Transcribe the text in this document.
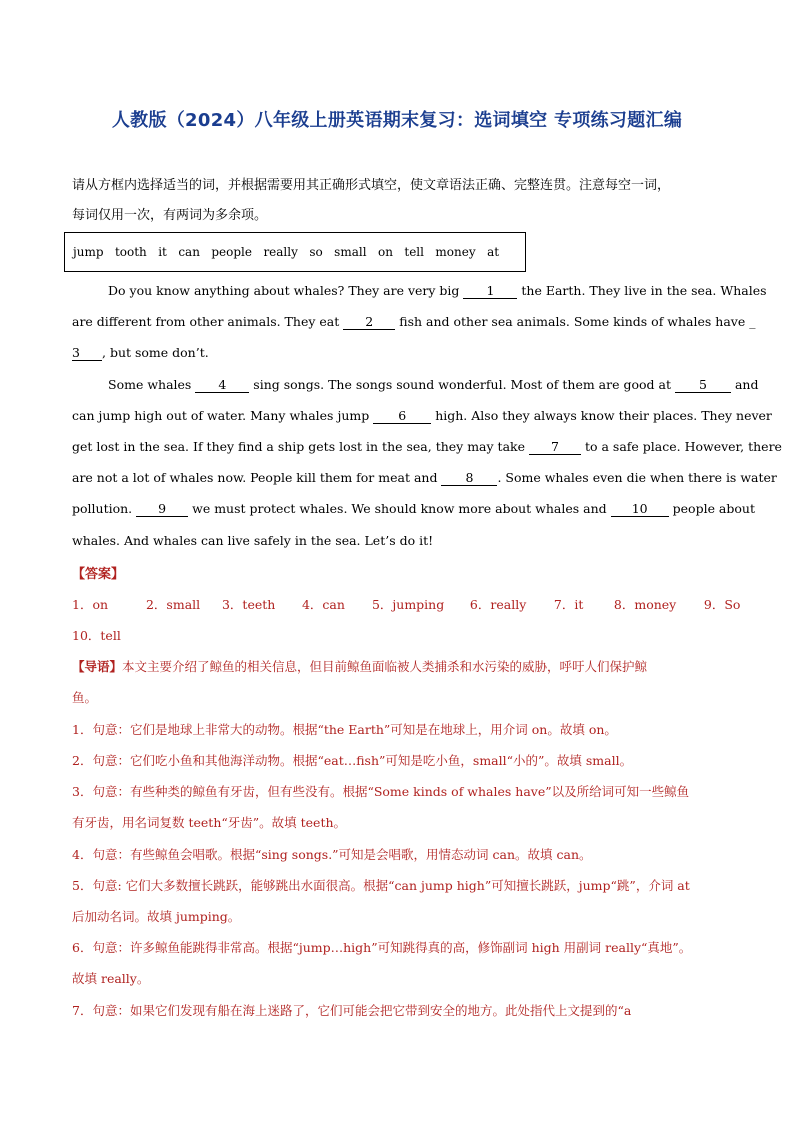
人教版（2024）八年级上册英语期末复习：选词填空 专项练习题汇编
请从方框内选择适当的词，并根据需要用其正确形式填空，使文章语法正确、完整连贯。注意每空一词，
每词仅用一次，有两词为多余项。
jump   tooth   it   can   people   really   so   small   on   tell   money   at
Do you know anything about whales? They are very big 1 the Earth. They live in the sea. Whales
are different from other animals. They eat 2 fish and other sea animals. Some kinds of whales have _
3 , but some don’t.
Some whales 4 sing songs. The songs sound wonderful. Most of them are good at 5 and
can jump high out of water. Many whales jump 6 high. Also they always know their places. They never
get lost in the sea. If they find a ship gets lost in the sea, they may take 7 to a safe place. However, there
are not a lot of whales now. People kill them for meat and 8 . Some whales even die when there is water
pollution. 9 we must protect whales. We should know more about whales and 10 people about
whales. And whales can live safely in the sea. Let’s do it!
【答案】
1．on	2．small 3．teeth 4．can 5．jumping 6．really 7．it 8．money 9．So
10．tell
【导语】本文主要介绍了鲸鱼的相关信息，但目前鲸鱼面临被人类捕杀和水污染的威胁，呼吁人们保护鲸
鱼。
1．句意：它们是地球上非常大的动物。根据“the Earth”可知是在地球上，用介词 on。故填 on。
2．句意：它们吃小鱼和其他海洋动物。根据“eat…fish”可知是吃小鱼，small“小的”。故填 small。
3．句意：有些种类的鲸鱼有牙齿，但有些没有。根据“Some kinds of whales have”以及所给词可知一些鲸鱼
有牙齿，用名词复数 teeth“牙齿”。故填 teeth。
4．句意：有些鲸鱼会唱歌。根据“sing songs.”可知是会唱歌，用情态动词 can。故填 can。
5．句意: 它们大多数擅长跳跃，能够跳出水面很高。根据“can jump high”可知擅长跳跃，jump“跳”，介词 at
后加动名词。故填 jumping。
6．句意：许多鲸鱼能跳得非常高。根据“jump…high”可知跳得真的高，修饰副词 high 用副词 really“真地”。
故填 really。
7．句意：如果它们发现有船在海上迷路了，它们可能会把它带到安全的地方。此处指代上文提到的“a
